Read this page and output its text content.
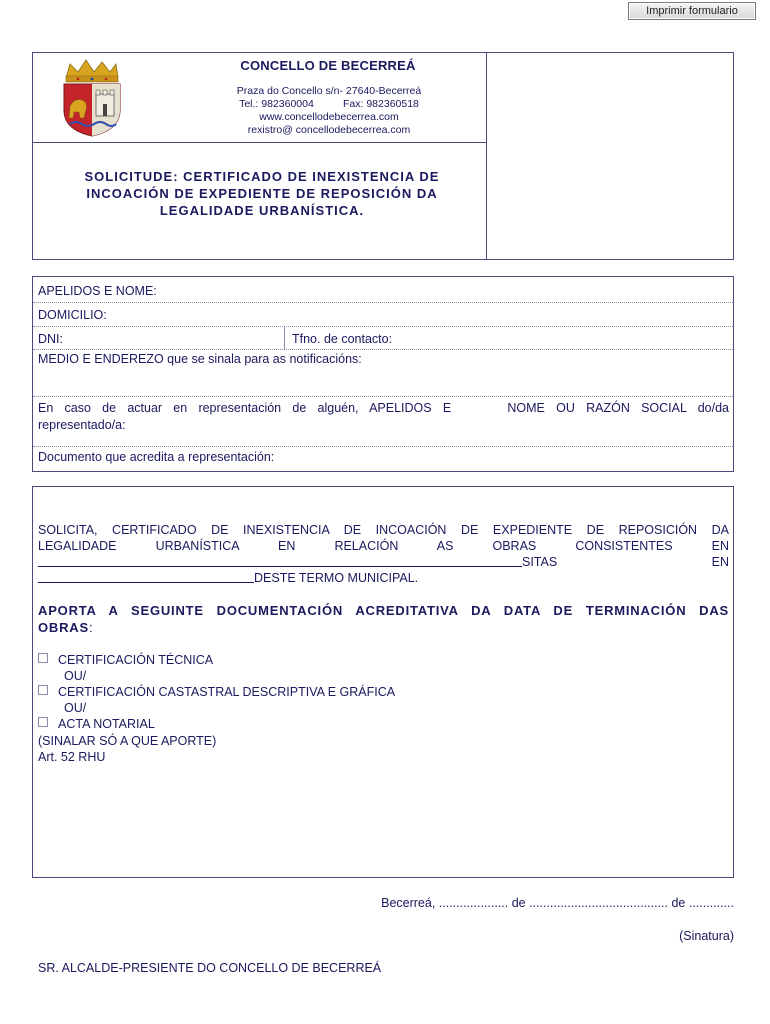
Imprimir formulario
CONCELLO DE BECERREÁ
Praza do Concello s/n- 27640-Becerreá
Tel.: 982360004          Fax: 982360518
www.concellodebecerrea.com
rexistro@ concellodebecerrea.com
SOLICITUDE: CERTIFICADO DE INEXISTENCIA DE
INCOACIÓN DE EXPEDIENTE DE REPOSICIÓN DA
LEGALIDADE URBANÍSTICA.
APELIDOS E NOME:
DOMICILIO:
DNI:	Tfno. de contacto:
MEDIO E ENDEREZO que se sinala para as notificacións:
En caso de actuar en representación de alguén, APELIDOS E     NOME OU RAZÓN SOCIAL do/da
representado/a:
Documento que acredita a representación:
SOLICITA, CERTIFICADO DE INEXISTENCIA DE INCOACIÓN DE EXPEDIENTE DE REPOSICIÓN DA
LEGALIDADE URBANÍSTICA EN RELACIÓN AS OBRAS CONSISTENTES EN
SITAS	EN
DESTE TERMO MUNICIPAL.
APORTA A SEGUINTE DOCUMENTACIÓN ACREDITATIVA DA DATA DE TERMINACIÓN DAS
OBRAS:
CERTIFICACIÓN TÉCNICA
OU/
CERTIFICACIÓN CASTASTRAL DESCRIPTIVA E GRÁFICA
OU/
ACTA NOTARIAL
(SINALAR SÓ A QUE APORTE)
Art. 52 RHU
Becerreá, .................... de ........................................ de .............
(Sinatura)
SR. ALCALDE-PRESIENTE DO CONCELLO DE BECERREÁ
